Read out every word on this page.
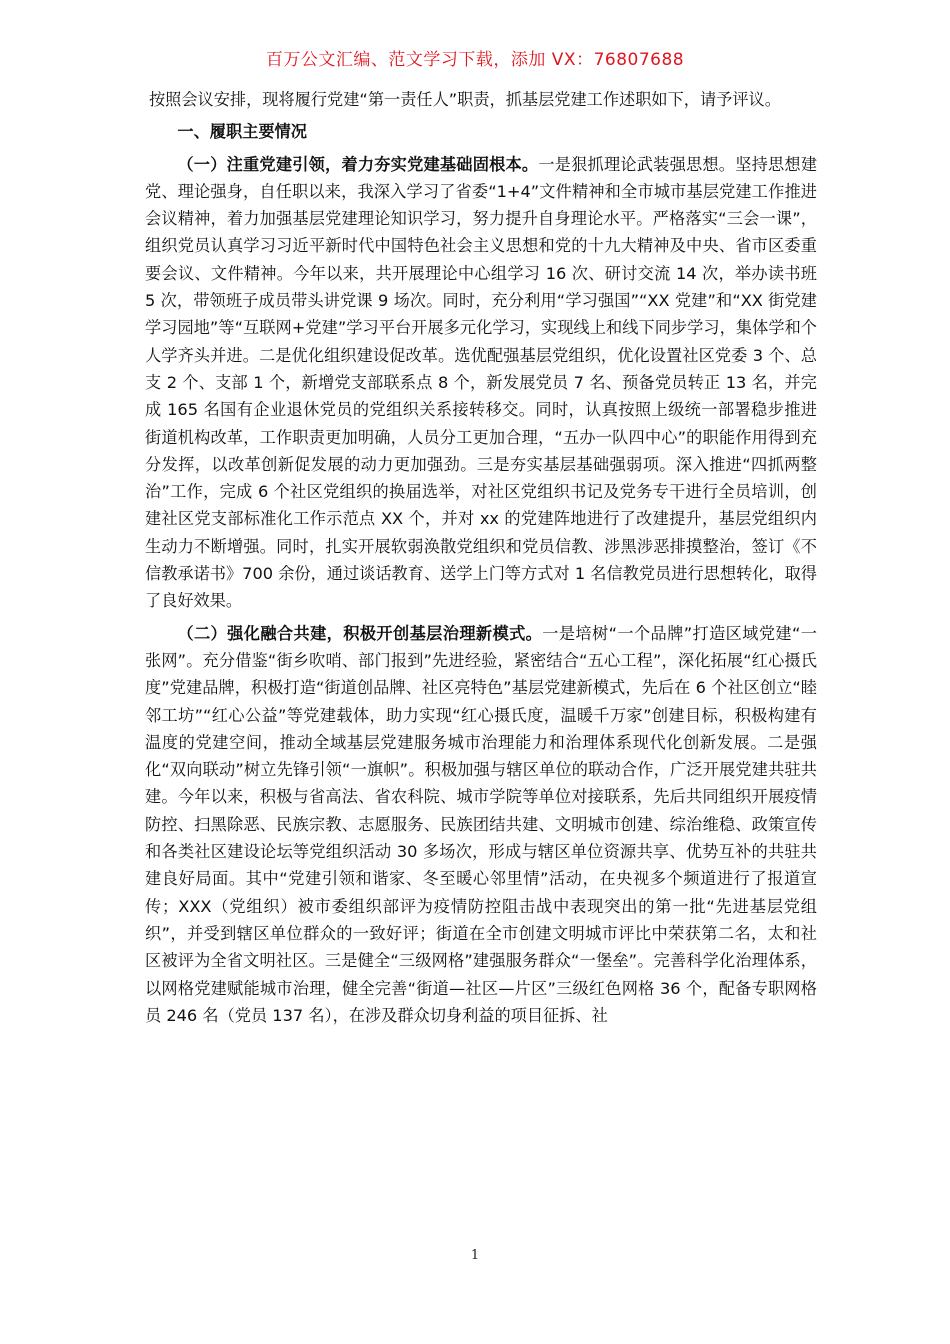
百万公文汇编、范文学习下载，添加 VX：76807688

按照会议安排，现将履行党建“第一责任人”职责，抓基层党建工作述职如下，请予评议。

一、履职主要情况

（一）注重党建引领，着力夯实党建基础固根本。一是狠抓理论武装强思想。坚持思想建党、理论强身，自任职以来，我深入学习了省委“1+4”文件精神和全市城市基层党建工作推进会议精神，着力加强基层党建理论知识学习，努力提升自身理论水平。严格落实“三会一课”，组织党员认真学习习近平新时代中国特色社会主义思想和党的十九大精神及中央、省市区委重要会议、文件精神。今年以来，共开展理论中心组学习 16 次、研讨交流 14 次，举办读书班 5 次，带领班子成员带头讲党课 9 场次。同时，充分利用“学习强国”“XX 党建”和“XX 街党建学习园地”等“互联网+党建”学习平台开展多元化学习，实现线上和线下同步学习，集体学和个人学齐头并进。二是优化组织建设促改革。选优配强基层党组织，优化设置社区党委 3 个、总支 2 个、支部 1 个，新增党支部联系点 8 个，新发展党员 7 名、预备党员转正 13 名，并完成 165 名国有企业退休党员的党组织关系接转移交。同时，认真按照上级统一部署稳步推进街道机构改革，工作职责更加明确，人员分工更加合理，“五办一队四中心”的职能作用得到充分发挥，以改革创新促发展的动力更加强劲。三是夯实基层基础强弱项。深入推进“四抓两整治”工作，完成 6 个社区党组织的换届选举，对社区党组织书记及党务专干进行全员培训，创建社区党支部标准化工作示范点 XX 个，并对 xx 的党建阵地进行了改建提升，基层党组织内生动力不断增强。同时，扎实开展软弱涣散党组织和党员信教、涉黑涉恶排摸整治，签订《不信教承诺书》700 余份，通过谈话教育、送学上门等方式对 1 名信教党员进行思想转化，取得了良好效果。

（二）强化融合共建，积极开创基层治理新模式。一是培树“一个品牌”打造区域党建“一张网”。充分借鉴“街乡吹哨、部门报到”先进经验，紧密结合“五心工程”，深化拓展“红心摄氏度”党建品牌，积极打造“街道创品牌、社区亮特色”基层党建新模式，先后在 6 个社区创立“睦邻工坊”“红心公益”等党建载体，助力实现“红心摄氏度，温暖千万家”创建目标，积极构建有温度的党建空间，推动全域基层党建服务城市治理能力和治理体系现代化创新发展。二是强化“双向联动”树立先锋引领“一旗帜”。积极加强与辖区单位的联动合作，广泛开展党建共驻共建。今年以来，积极与省高法、省农科院、城市学院等单位对接联系，先后共同组织开展疫情防控、扫黑除恶、民族宗教、志愿服务、民族团结共建、文明城市创建、综治维稳、政策宣传和各类社区建设论坛等党组织活动 30 多场次，形成与辖区单位资源共享、优势互补的共驻共建良好局面。其中“党建引领和谐家、冬至暖心邻里情”活动，在央视多个频道进行了报道宣传；XXX（党组织）被市委组织部评为疫情防控阻击战中表现突出的第一批“先进基层党组织”，并受到辖区单位群众的一致好评；街道在全市创建文明城市评比中荣获第二名，太和社区被评为全省文明社区。三是健全“三级网格”建强服务群众“一堡垒”。完善科学化治理体系，以网格党建赋能城市治理，健全完善“街道—社区—片区”三级红色网格 36 个，配备专职网格员 246 名（党员 137 名），在涉及群众切身利益的项目征拆、社

1
